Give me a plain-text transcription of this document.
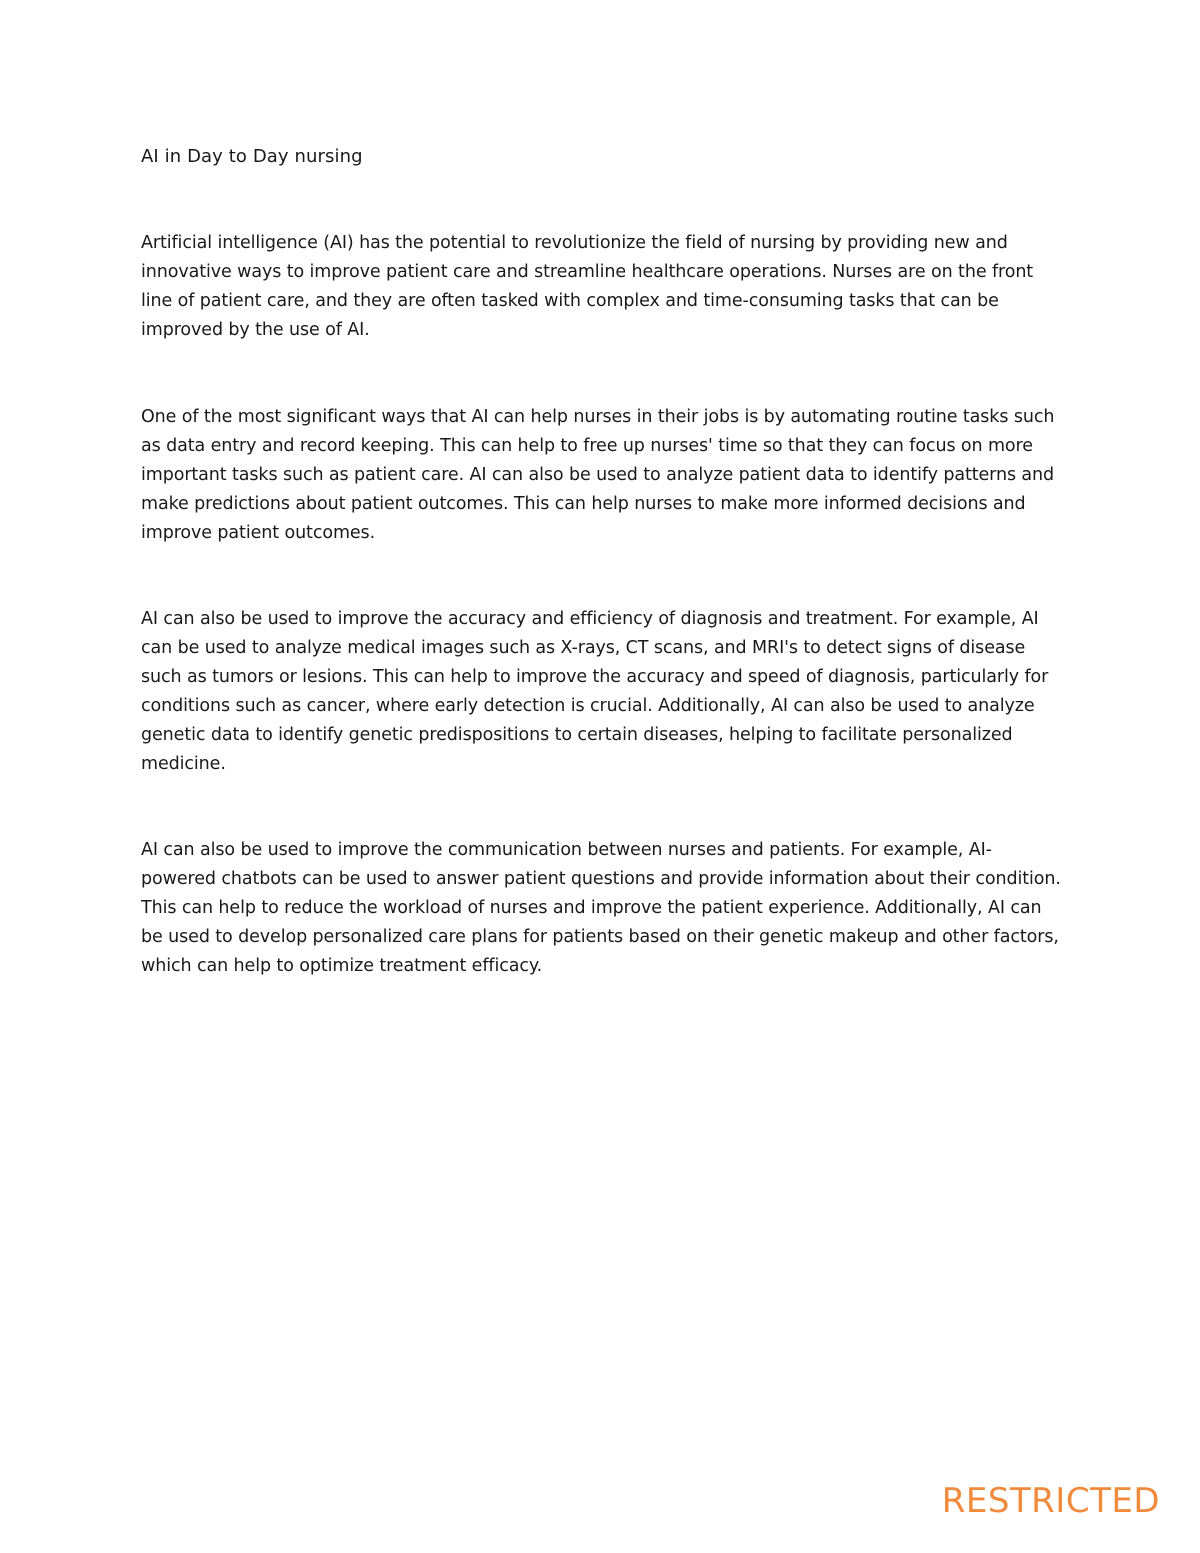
AI in Day to Day nursing

Artificial intelligence (AI) has the potential to revolutionize the field of nursing by providing new and innovative ways to improve patient care and streamline healthcare operations. Nurses are on the front line of patient care, and they are often tasked with complex and time-consuming tasks that can be improved by the use of AI.

One of the most significant ways that AI can help nurses in their jobs is by automating routine tasks such as data entry and record keeping. This can help to free up nurses' time so that they can focus on more important tasks such as patient care. AI can also be used to analyze patient data to identify patterns and make predictions about patient outcomes. This can help nurses to make more informed decisions and improve patient outcomes.

AI can also be used to improve the accuracy and efficiency of diagnosis and treatment. For example, AI can be used to analyze medical images such as X-rays, CT scans, and MRI's to detect signs of disease such as tumors or lesions. This can help to improve the accuracy and speed of diagnosis, particularly for conditions such as cancer, where early detection is crucial. Additionally, AI can also be used to analyze genetic data to identify genetic predispositions to certain diseases, helping to facilitate personalized medicine.

AI can also be used to improve the communication between nurses and patients. For example, AI-powered chatbots can be used to answer patient questions and provide information about their condition. This can help to reduce the workload of nurses and improve the patient experience. Additionally, AI can be used to develop personalized care plans for patients based on their genetic makeup and other factors, which can help to optimize treatment efficacy.

RESTRICTED
